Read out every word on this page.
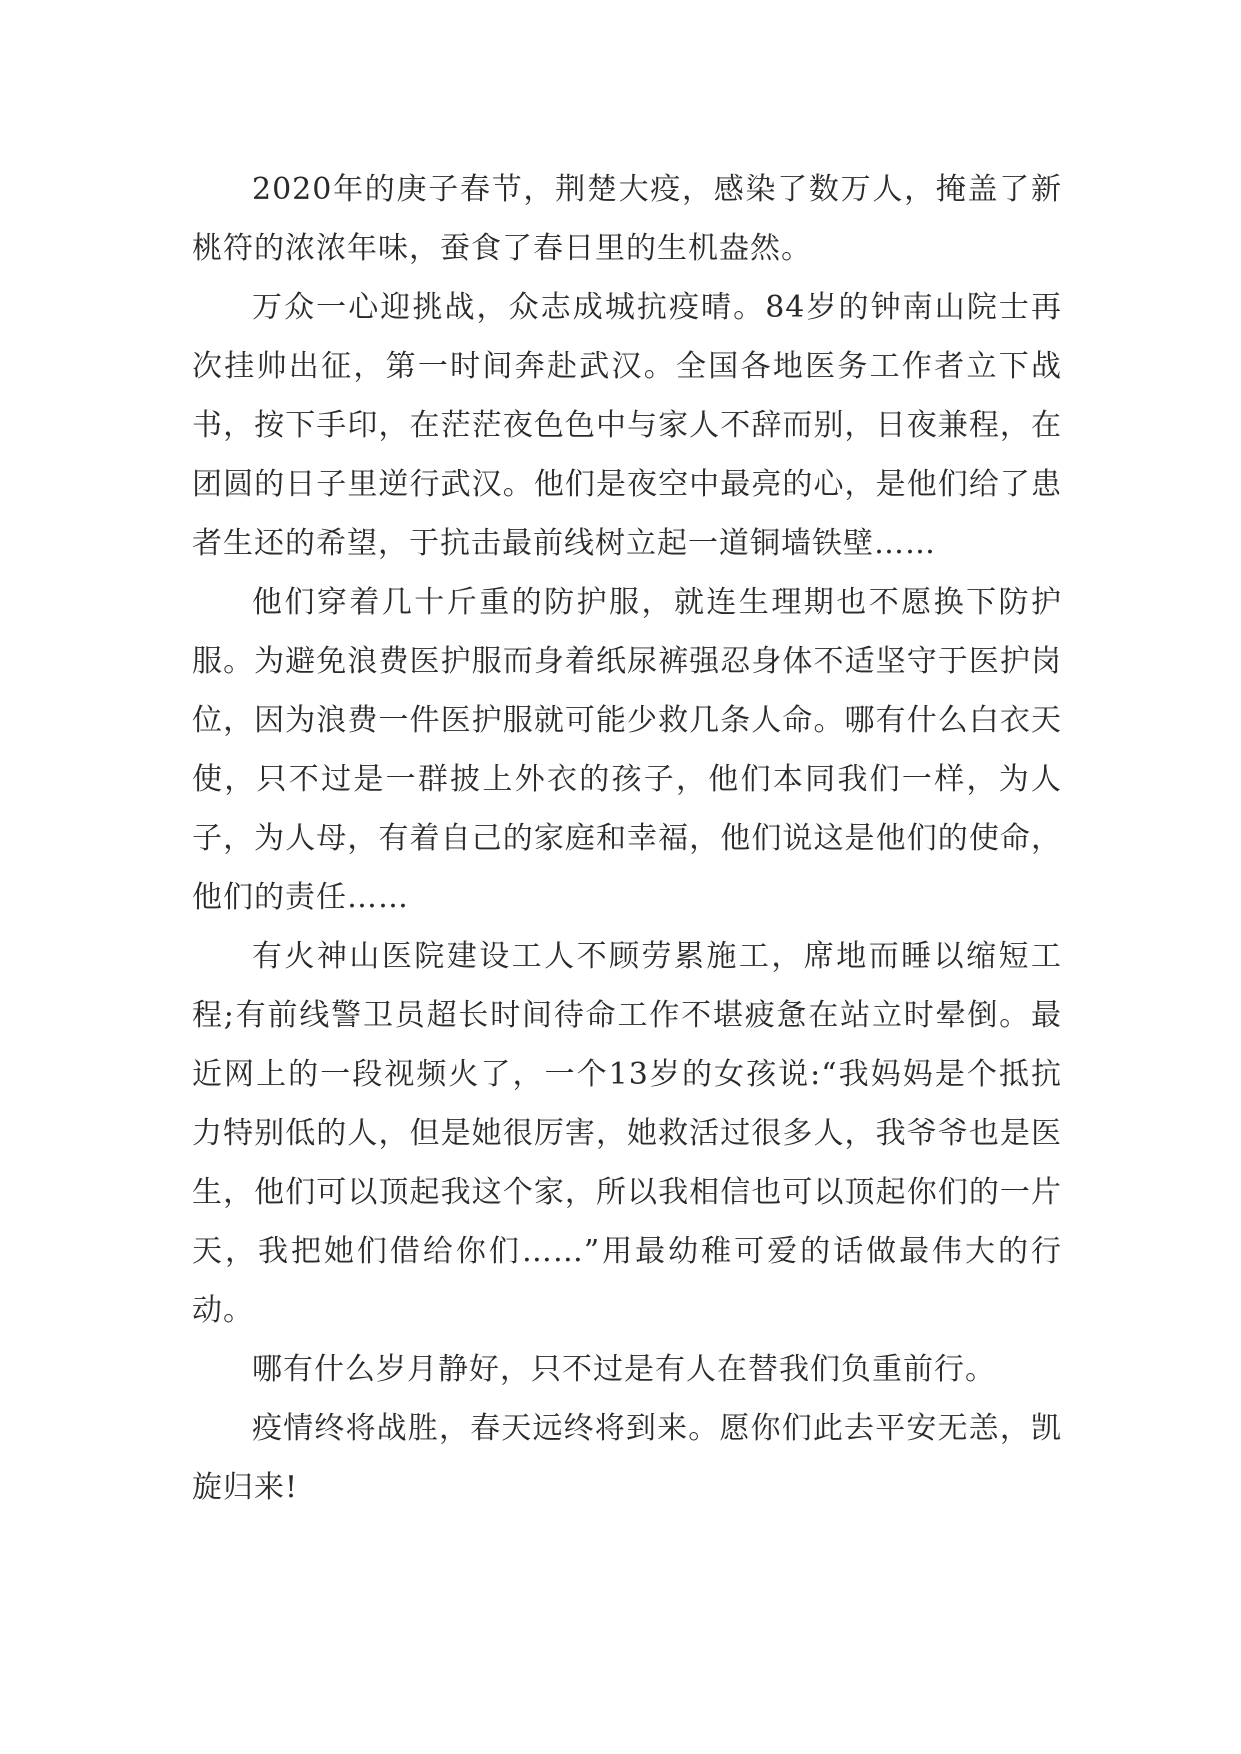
2020年的庚子春节，荆楚大疫，感染了数万人，掩盖了新桃符的浓浓年味，蚕食了春日里的生机盎然。

万众一心迎挑战，众志成城抗疫晴。84岁的钟南山院士再次挂帅出征，第一时间奔赴武汉。全国各地医务工作者立下战书，按下手印，在茫茫夜色色中与家人不辞而别，日夜兼程，在团圆的日子里逆行武汉。他们是夜空中最亮的心，是他们给了患者生还的希望，于抗击最前线树立起一道铜墙铁壁……

他们穿着几十斤重的防护服，就连生理期也不愿换下防护服。为避免浪费医护服而身着纸尿裤强忍身体不适坚守于医护岗位，因为浪费一件医护服就可能少救几条人命。哪有什么白衣天使，只不过是一群披上外衣的孩子，他们本同我们一样，为人子，为人母，有着自己的家庭和幸福，他们说这是他们的使命，他们的责任……

有火神山医院建设工人不顾劳累施工，席地而睡以缩短工程;有前线警卫员超长时间待命工作不堪疲惫在站立时晕倒。最近网上的一段视频火了，一个13岁的女孩说:“我妈妈是个抵抗力特别低的人，但是她很厉害，她救活过很多人，我爷爷也是医生，他们可以顶起我这个家，所以我相信也可以顶起你们的一片天，我把她们借给你们……”用最幼稚可爱的话做最伟大的行动。

哪有什么岁月静好，只不过是有人在替我们负重前行。

疫情终将战胜，春天远终将到来。愿你们此去平安无恙，凯旋归来!
